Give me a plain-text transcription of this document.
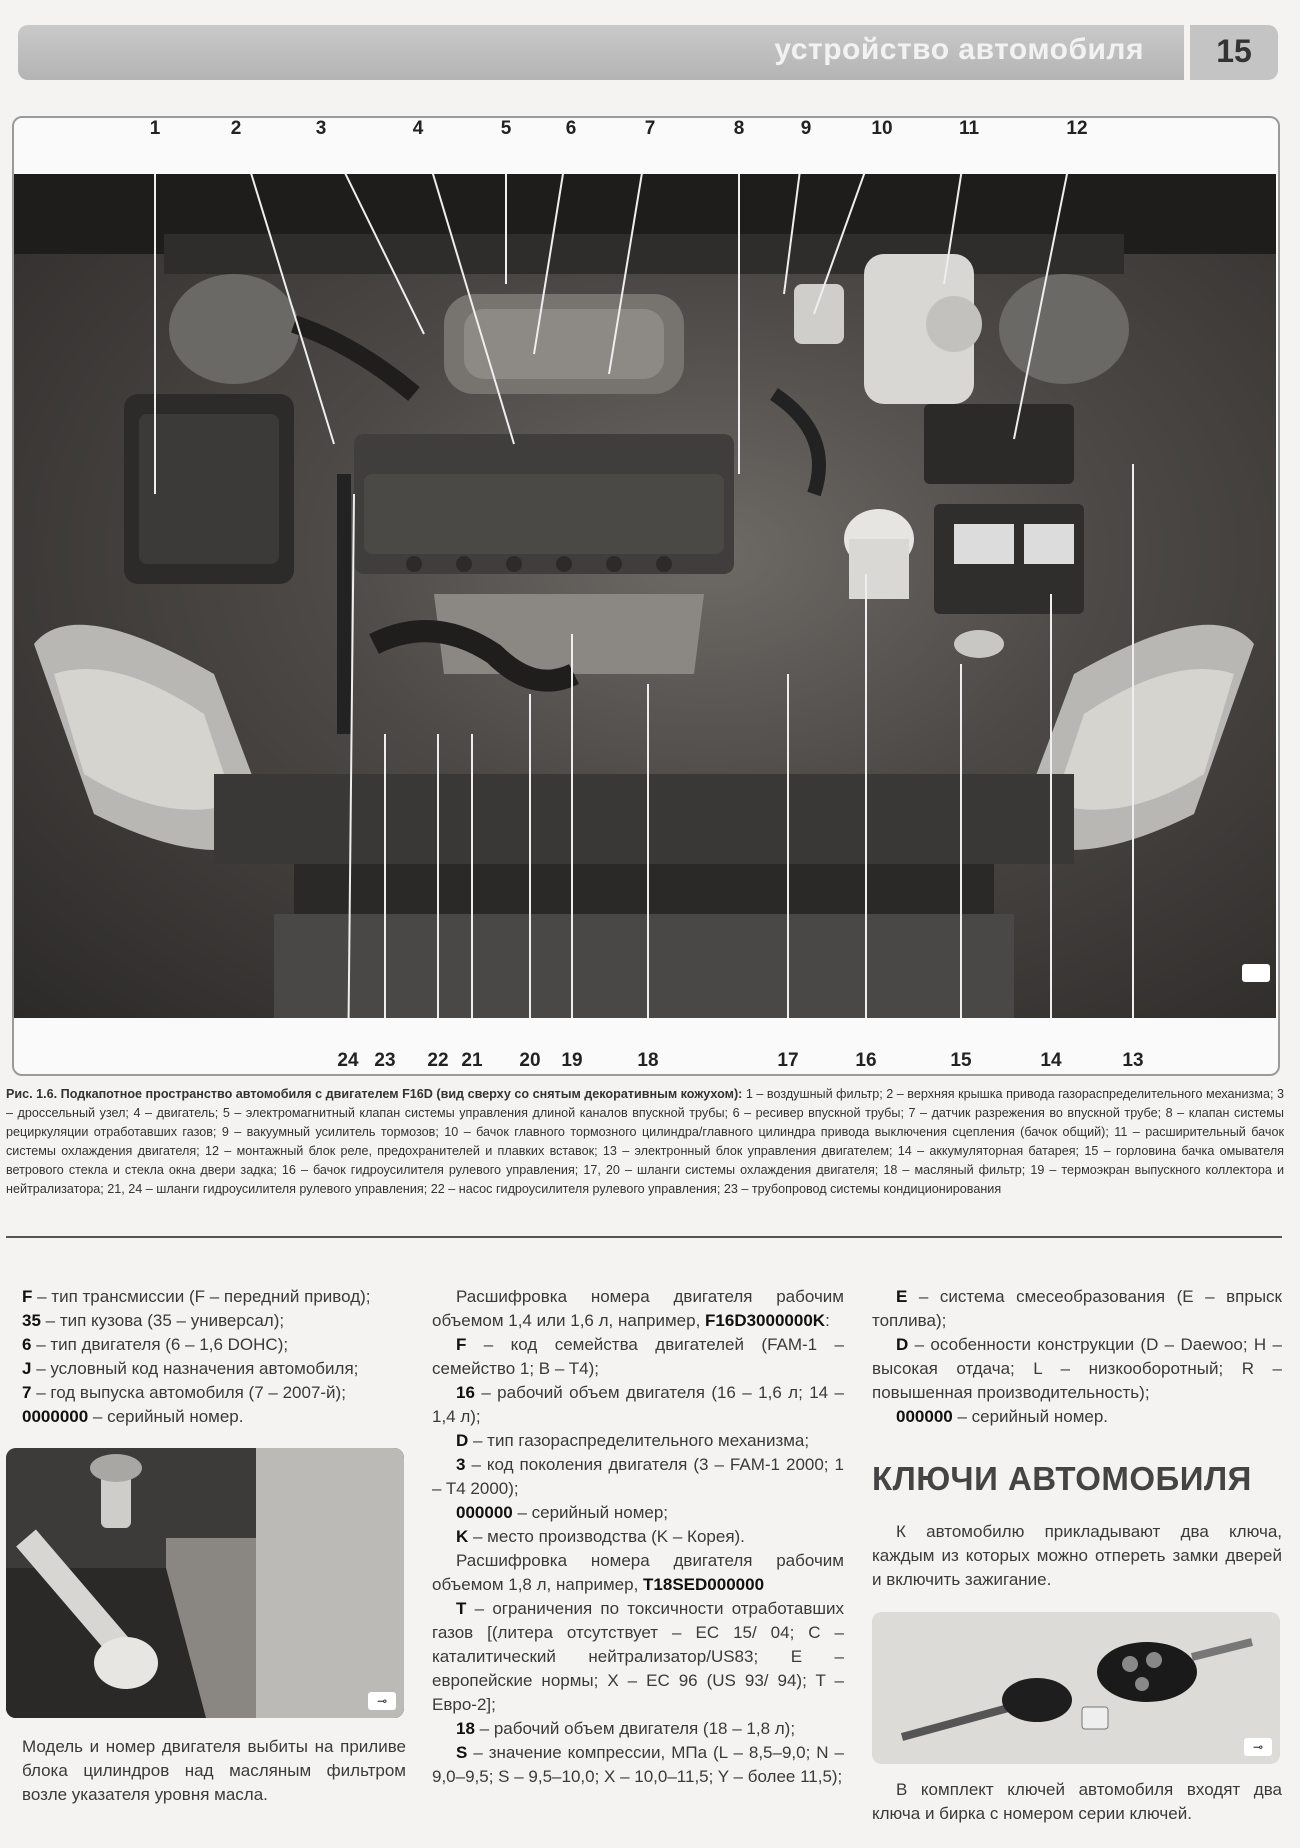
устройство автомобиля	15
1	2	3	4	5	6	7	8	9	10	11	12
24 23	22 21	20	19	18	17	16	15	14	13
Рис. 1.6. Подкапотное пространство автомобиля с двигателем F16D (вид сверху со снятым декоративным кожухом): 1 – воздушный фильтр; 2 – верхняя крышка привода газораспределительного механизма; 3 – дроссельный узел; 4 – двигатель; 5 – электромагнитный клапан системы управления длиной каналов впускной трубы; 6 – ресивер впускной трубы; 7 – датчик разрежения во впускной трубе; 8 – клапан системы рециркуляции отработавших газов; 9 – вакуумный усилитель тормозов; 10 – бачок главного тормозного цилиндра/главного цилиндра привода выключения сцепления (бачок общий); 11 – расширительный бачок системы охлаждения двигателя; 12 – монтажный блок реле, предохранителей и плавких вставок; 13 – электронный блок управления двигателем; 14 – аккумуляторная батарея; 15 – горловина бачка омывателя ветрового стекла и стекла окна двери задка; 16 – бачок гидроусилителя рулевого управления; 17, 20 – шланги системы охлаждения двигателя; 18 – масляный фильтр; 19 – термоэкран выпускного коллектора и нейтрализатора; 21, 24 – шланги гидроусилителя рулевого управления; 22 – насос гидроусилителя рулевого управления; 23 – трубопровод системы кондиционирования

F – тип трансмиссии (F – передний привод);

35 – тип кузова (35 – универсал);

6 – тип двигателя (6 – 1,6 DOHC);

J – условный код назначения автомобиля;

7 – год выпуска автомобиля (7 – 2007-й);

0000000 – серийный номер.

⊸
Модель и номер двигателя выбиты на приливе блока цилиндров над масляным фильтром возле указателя уровня масла.

Расшифровка номера двигателя рабочим объемом 1,4 или 1,6 л, например, F16D3000000K:

F – код семейства двигателей (FAM-1 – семейство 1; B – T4);

16 – рабочий объем двигателя (16 – 1,6 л; 14 – 1,4 л);

D – тип газораспределительного механизма;

3 – код поколения двигателя (3 – FAM-1 2000; 1 – T4 2000);

000000 – серийный номер;

K – место производства (K – Корея).

Расшифровка номера двигателя рабочим объемом 1,8 л, например, T18SED000000

T – ограничения по токсичности отработавших газов [(литера отсутствует – EC 15/ 04; C – каталитический нейтрализатор/US83; E – европейские нормы; X – EC 96 (US 93/ 94); T – Евро-2];

18 – рабочий объем двигателя (18 – 1,8 л);

S – значение компрессии, МПа (L – 8,5–9,0; N – 9,0–9,5; S – 9,5–10,0; X – 10,0–11,5; Y – более 11,5);

E – система смесеобразования (E – впрыск топлива);

D – особенности конструкции (D – Daewoo; H – высокая отдача; L – низкооборотный; R – повышенная производительность);

000000 – серийный номер.

КЛЮЧИ АВТОМОБИЛЯ

К автомобилю прикладывают два ключа, каждым из которых можно отпереть замки дверей и включить зажигание.

⊸

В комплект ключей автомобиля входят два ключа и бирка с номером серии ключей.
